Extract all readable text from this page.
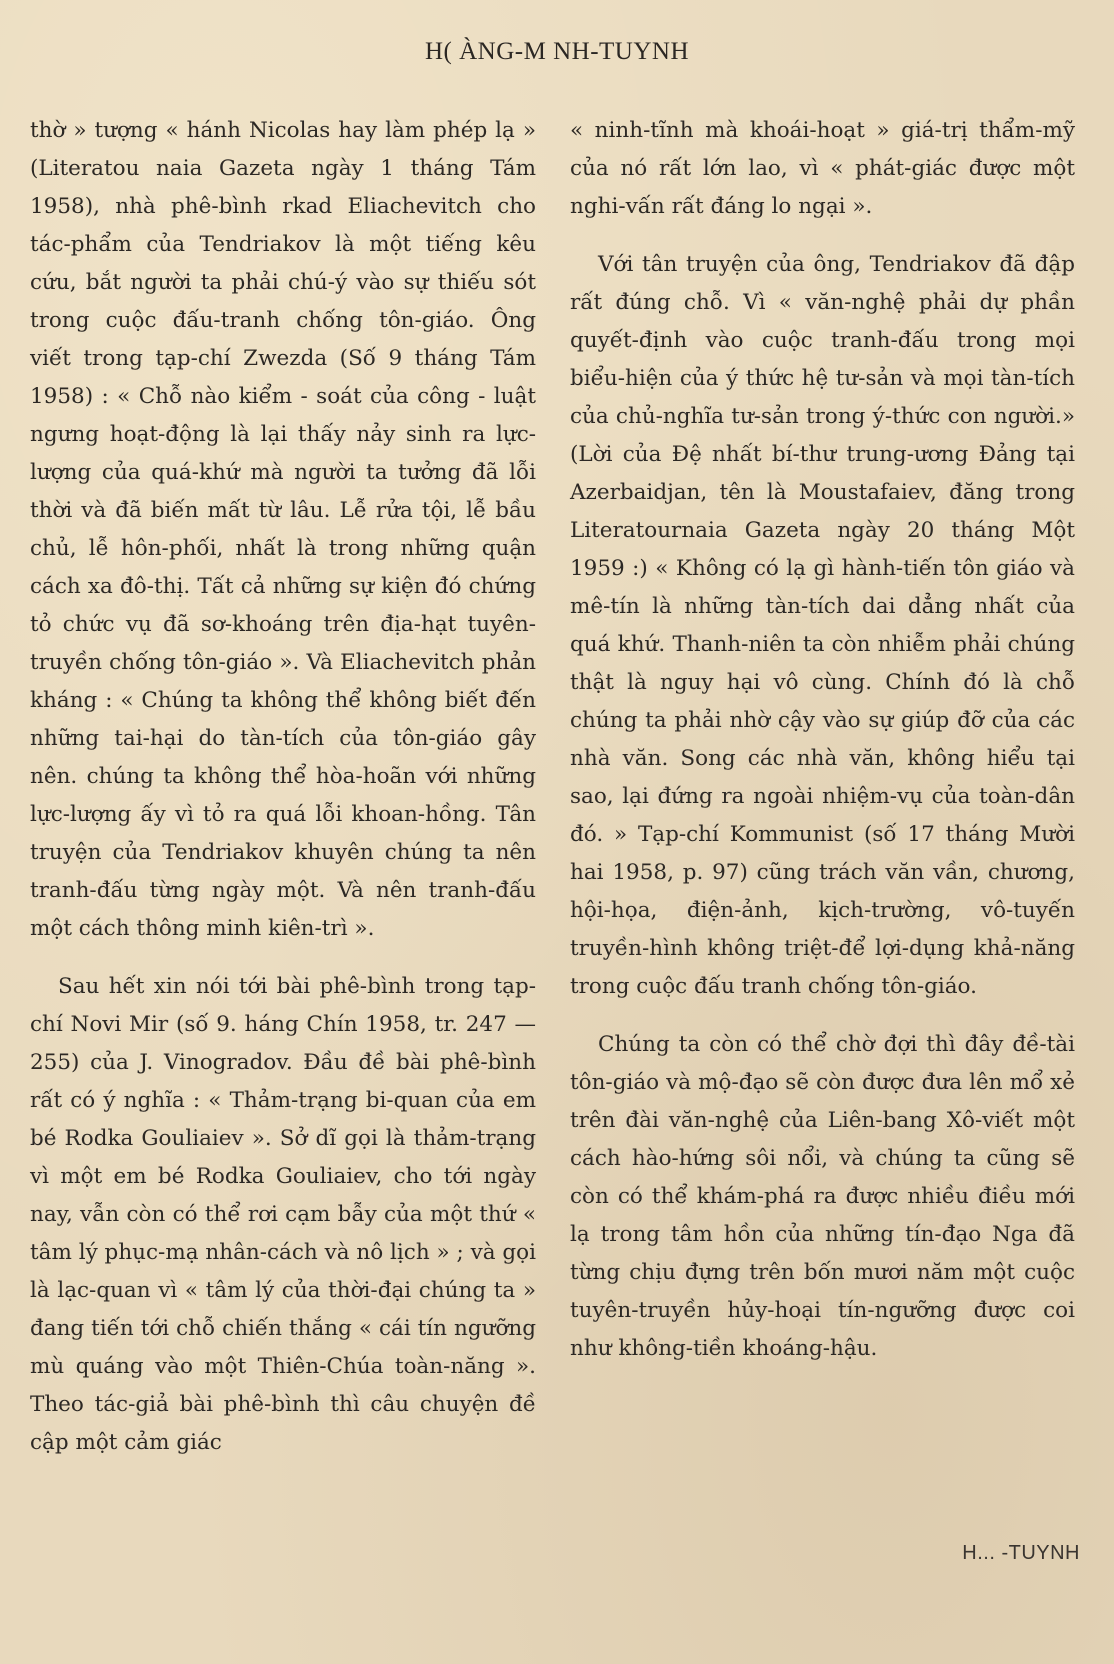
H( ÀNG-M NH-TUYNH

thờ » tượng « hánh Nicolas hay làm phép lạ » (Literatou naia Gazeta ngày 1 tháng Tám 1958), nhà phê-bình rkad Eliachevitch cho tác-phẩm của Tendriakov là một tiếng kêu cứu, bắt người ta phải chú-ý vào sự thiếu sót trong cuộc đấu-tranh chống tôn-giáo. Ông viết trong tạp-chí Zwezda (Số 9 tháng Tám 1958) : « Chỗ nào kiểm - soát của công - luật ngưng hoạt-động là lại thấy nảy sinh ra lực-lượng của quá-khứ mà người ta tưởng đã lỗi thời và đã biến mất từ lâu. Lễ rửa tội, lễ bầu chủ, lễ hôn-phối, nhất là trong những quận cách xa đô-thị. Tất cả những sự kiện đó chứng tỏ chức vụ đã sơ-khoáng trên địa-hạt tuyên-truyền chống tôn-giáo ». Và Eliachevitch phản kháng : « Chúng ta không thể không biết đến những tai-hại do tàn-tích của tôn-giáo gây nên. chúng ta không thể hòa-hoãn với những lực-lượng ấy vì tỏ ra quá lỗi khoan-hồng. Tân truyện của Tendriakov khuyên chúng ta nên tranh-đấu từng ngày một. Và nên tranh-đấu một cách thông minh kiên-trì ».

Sau hết xin nói tới bài phê-bình trong tạp-chí Novi Mir (số 9. háng Chín 1958, tr. 247 — 255) của J. Vinogradov. Đầu đề bài phê-bình rất có ý nghĩa : « Thảm-trạng bi-quan của em bé Rodka Gouliaiev ». Sở dĩ gọi là thảm-trạng vì một em bé Rodka Gouliaiev, cho tới ngày nay, vẫn còn có thể rơi cạm bẫy của một thứ « tâm lý phục-mạ nhân-cách và nô lịch » ; và gọi là lạc-quan vì « tâm lý của thời-đại chúng ta » đang tiến tới chỗ chiến thắng « cái tín ngưỡng mù quáng vào một Thiên-Chúa toàn-năng ». Theo tác-giả bài phê-bình thì câu chuyện đề cập một cảm giác

« ninh-tĩnh mà khoái-hoạt » giá-trị thẩm-mỹ của nó rất lớn lao, vì « phát-giác được một nghi-vấn rất đáng lo ngại ».

Với tân truyện của ông, Tendriakov đã đập rất đúng chỗ. Vì « văn-nghệ phải dự phần quyết-định vào cuộc tranh-đấu trong mọi biểu-hiện của ý thức hệ tư-sản và mọi tàn-tích của chủ-nghĩa tư-sản trong ý-thức con người.» (Lời của Đệ nhất bí-thư trung-ương Đảng tại Azerbaidjan, tên là Moustafaiev, đăng trong Literatournaia Gazeta ngày 20 tháng Một 1959 :) « Không có lạ gì hành-tiến tôn giáo và mê-tín là những tàn-tích dai dẳng nhất của quá khứ. Thanh-niên ta còn nhiễm phải chúng thật là nguy hại vô cùng. Chính đó là chỗ chúng ta phải nhờ cậy vào sự giúp đỡ của các nhà văn. Song các nhà văn, không hiểu tại sao, lại đứng ra ngoài nhiệm-vụ của toàn-dân đó. » Tạp-chí Kommunist (số 17 tháng Mười hai 1958, p. 97) cũng trách văn vần, chương, hội-họa, điện-ảnh, kịch-trường, vô-tuyến truyền-hình không triệt-để lợi-dụng khả-năng trong cuộc đấu tranh chống tôn-giáo.

Chúng ta còn có thể chờ đợi thì đây đề-tài tôn-giáo và mộ-đạo sẽ còn được đưa lên mổ xẻ trên đài văn-nghệ của Liên-bang Xô-viết một cách hào-hứng sôi nổi, và chúng ta cũng sẽ còn có thể khám-phá ra được nhiều điều mới lạ trong tâm hồn của những tín-đạo Nga đã từng chịu đựng trên bốn mươi năm một cuộc tuyên-truyền hủy-hoại tín-ngưỡng được coi như không-tiền khoáng-hậu.

H... -TUYNH
